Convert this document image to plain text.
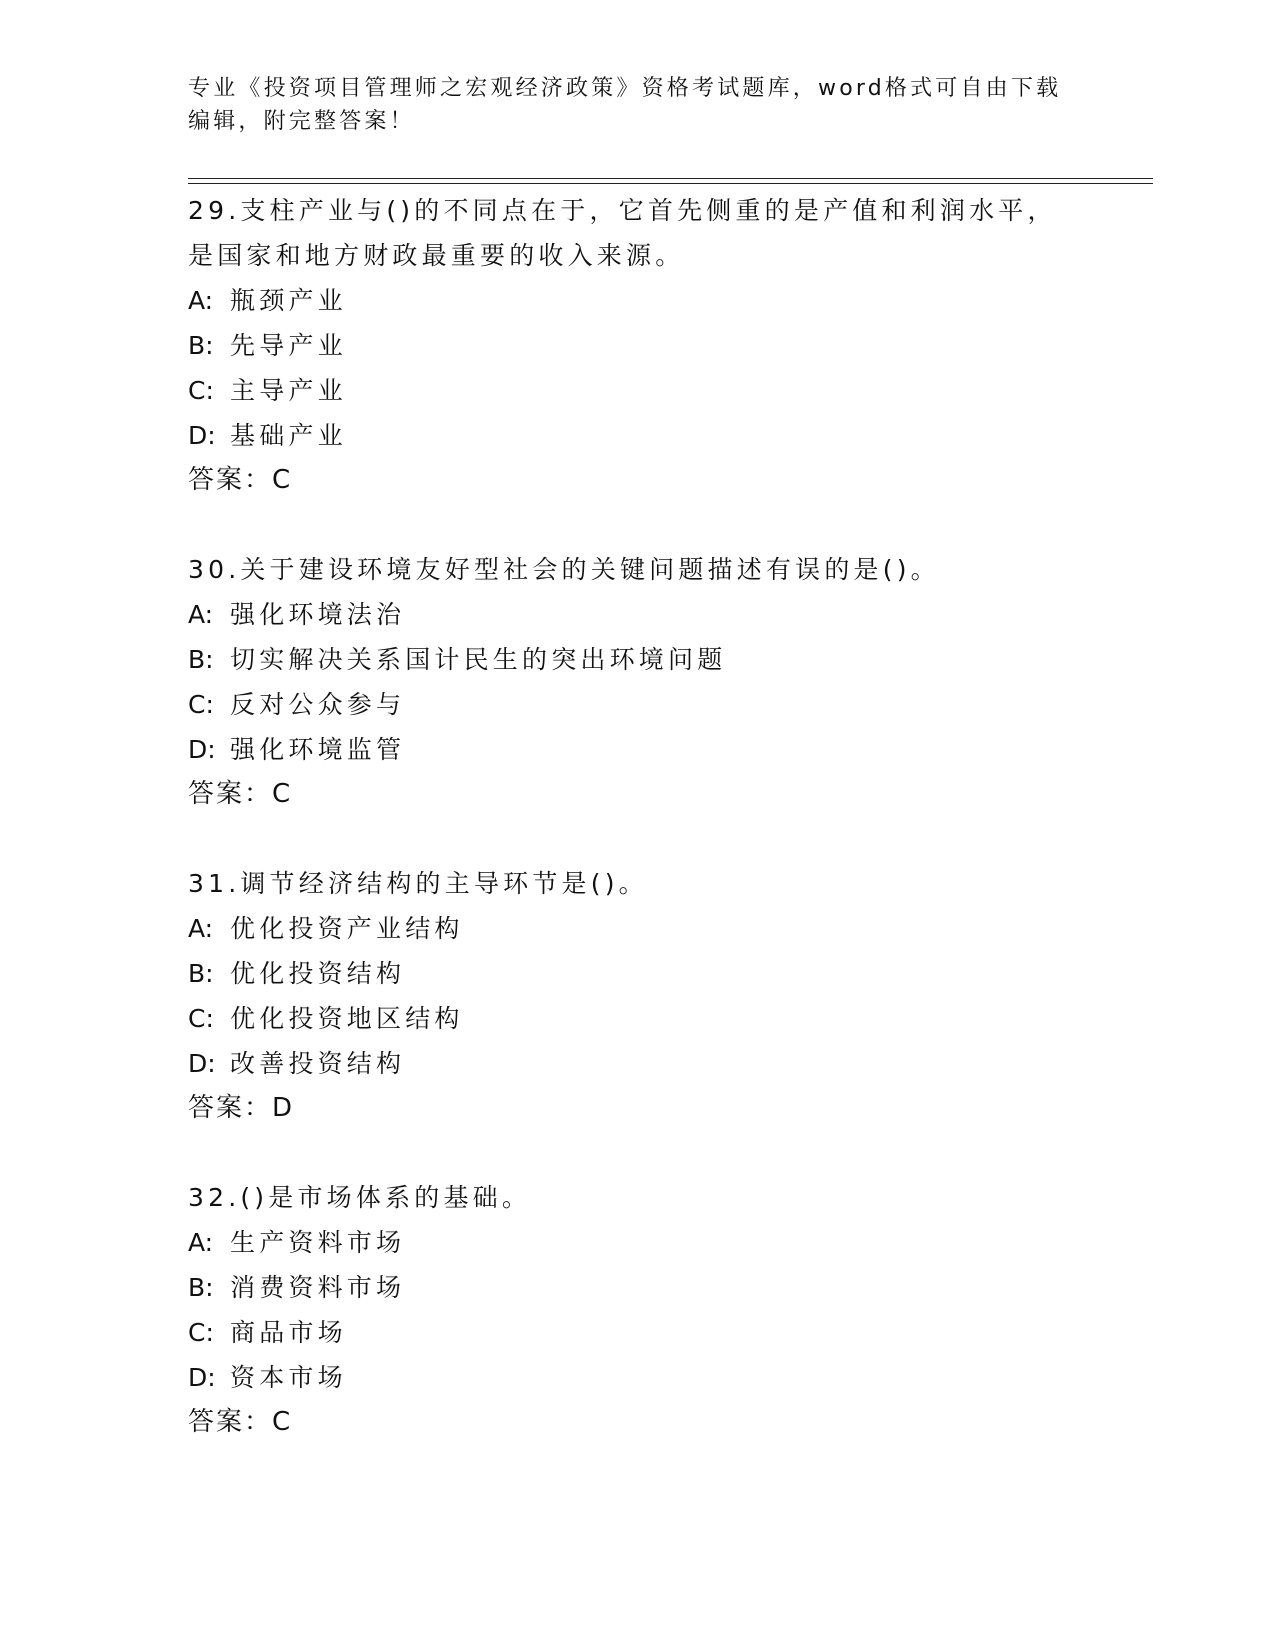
专业《投资项目管理师之宏观经济政策》资格考试题库，word格式可自由下载编辑，附完整答案！
29.支柱产业与()的不同点在于，它首先侧重的是产值和利润水平，是国家和地方财政最重要的收入来源。
A: 瓶颈产业
B: 先导产业
C: 主导产业
D: 基础产业
答案：C
30.关于建设环境友好型社会的关键问题描述有误的是()。
A: 强化环境法治
B: 切实解决关系国计民生的突出环境问题
C: 反对公众参与
D: 强化环境监管
答案：C
31.调节经济结构的主导环节是()。
A: 优化投资产业结构
B: 优化投资结构
C: 优化投资地区结构
D: 改善投资结构
答案：D
32.()是市场体系的基础。
A: 生产资料市场
B: 消费资料市场
C: 商品市场
D: 资本市场
答案：C
